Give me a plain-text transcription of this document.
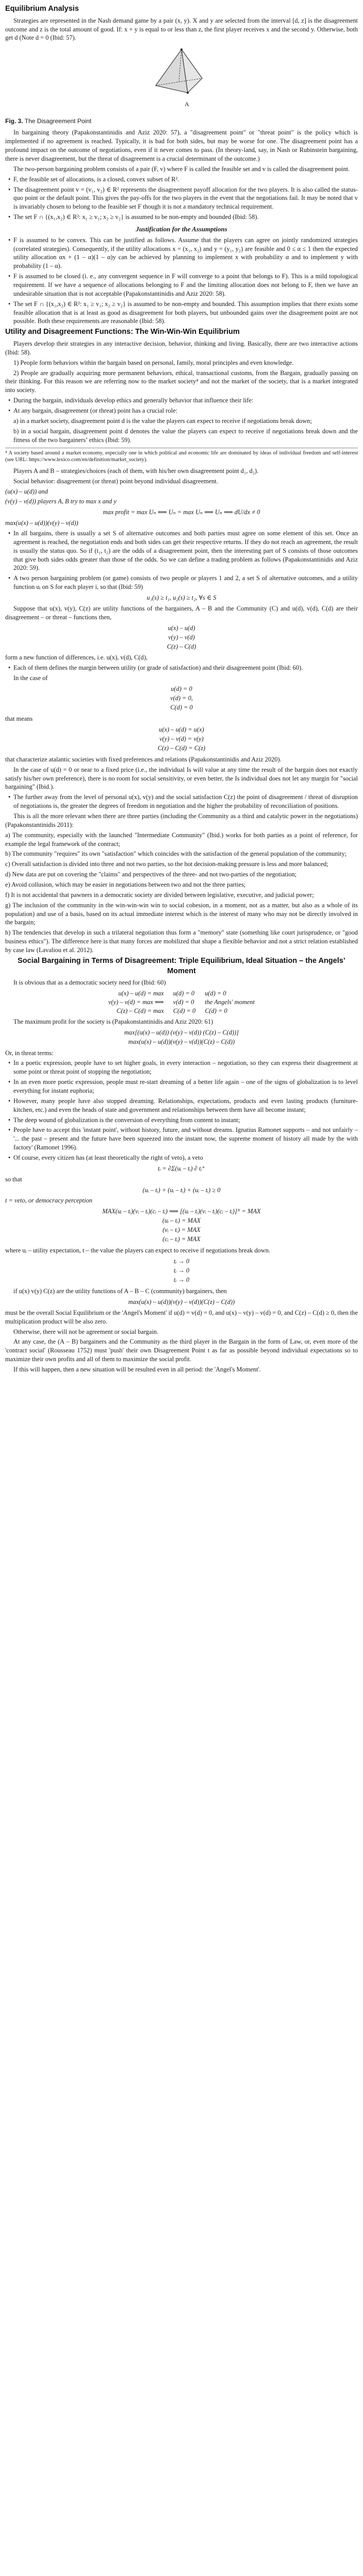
Equilibrium Analysis

Strategies are represented in the Nash demand game by a pair (x, y). X and y are selected from the interval [d, z] is the disagreement outcome and z is the total amount of good. If: x + y is equal to or less than z, the first player receives x and the second y. Otherwise, both get d (Note d = 0 (Ibid: 57).

A

Fig. 3. The Disagreement Point

In bargaining theory (Papakonstantinidis and Aziz 2020: 57), a "disagreement point" or "threat point" is the policy which is implemented if no agreement is reached. Typically, it is bad for both sides, but may be worse for one. The disagreement point has a profound impact on the outcome of negotiations, even if it never comes to pass. (In theory-land, say, in Nash or Rubinstein bargaining, there is never disagreement, but the threat of disagreement is a crucial determinant of the outcome.)

The two-person bargaining problem consists of a pair (F, v) where F is called the feasible set and v is called the disagreement point.

• F, the feasible set of allocations, is a closed, convex subset of R².
• The disagreement point v = (v₁, v₂) ∈ R² represents the disagreement payoff allocation for the two players. It is also called the status-quo point or the default point. This gives the pay-offs for the two players in the event that the negotiations fail. It may be noted that v is invariably chosen to belong to the feasible set F though it is not a mandatory technical requirement.
• The set F ∩ {(x₁,x₂) ∈ R²: x₁ ≥ v₁; x₂ ≥ v₂} is assumed to be non-empty and bounded (Ibid: 58).
Justification for the Assumptions
• F is assumed to be convex. This can be justified as follows. Assume that the players can agree on jointly randomized strategies (correlated strategies). Consequently, if the utility allocations x = (x₁, x₂) and y = (y₁, y₂) are feasible and 0 ≤ α ≤ 1 then the expected utility allocation αx + (1 – α)(1 – α)y can be achieved by planning to implement x with probability α and to implement y with probability (1 – α).
• F is assumed to be closed (i. e., any convergent sequence in F will converge to a point that belongs to F). This is a mild topological requirement. If we have a sequence of allocations belonging to F and the limiting allocation does not belong to F, then we have an undesirable situation that is not acceptable (Papakonstantinidis and Aziz 2020: 58).
• The set F ∩ {(x₁,x₂) ∈ R²: x₁ ≥ v₁; x₂ ≥ v₂} is assumed to be non-empty and bounded. This assumption implies that there exists some feasible allocation that is at least as good as disagreement for both players, but unbounded gains over the disagreement point are not possible. Both these requirements are reasonable (Ibid: 58).
Utility and Disagreement Functions: The Win-Win-Win Equilibrium

Players develop their strategies in any interactive decision, behavior, thinking and living. Basically, there are two interactive actions (Ibid: 58).

1) People form behaviors within the bargain based on personal, family, moral principles and even knowledge.

2) People are gradually acquiring more permanent behaviors, ethical, transactional customs, from the Bargain, gradually passing on their thinking. For this reason we are referring now to the market society⁴ and not the market of the society, that is a market integrated into society.

• During the bargain, individuals develop ethics and generally behavior that influence their life:
• At any bargain, disagreement (or threat) point has a crucial role:

a) in a market society, disagreement point d is the value the players can expect to receive if negotiations break down;

b) in a social bargain, disagreement point d denotes the value the players can expect to receive if negotiations break down and the fitness of the two bargainers’ ethics (Ibid: 59).

⁴ A society based around a market economy, especially one in which political and economic life are dominated by ideas of individual freedom and self-interest (see URL: https://www.lexico.com/en/definition/market_society).

Players A and B – strategies/choices (each of them, with his/her own disagreement point d₁, d₂).

Social behavior: disagreement (or threat) point beyond individual disagreement.

(u(x) – u(d)) and

(v(y) – v(d)) players A, B try to max x and y

max profit = max Uₙ ⟺ Uₙ = max Uₙ ⟹ Uₙ ⟹ dU/dx ≠ 0

max(u(x) – u(d))(v(y) – v(d))

• In all bargains, there is usually a set S of alternative outcomes and both parties must agree on some element of this set. Once an agreement is reached, the negotiation ends and both sides can get their respective returns. If they do not reach an agreement, the result is usually the status quo. So if (t₁, t₂) are the odds of a disagreement point, then the interesting part of S consists of those outcomes that give both sides odds greater than those of the odds. So we can define a trading problem as follows (Papakonstantinidis and Aziz 2020: 59).
• A two person bargaining problem (or game) consists of two people or players 1 and 2, a set S of alternative outcomes, and a utility function uᵢ on S for each player i, so that (Ibid: 59)
u₁(s) ≥ t₁, u₂(s) ≥ t₂, ∀s ∈ S

Suppose that u(x), v(y), C(z) are utility functions of the bargainers, A – B and the Community (C) and u(d), v(d), C(d) are their disagreement – or threat – functions then,

u(x) – u(d)
v(y) – v(d)
C(z) – C(d)

form a new function of differences, i.e. u(x), v(d), C(d),

• Each of them defines the margin between utility (or grade of satisfaction) and their disagreement point (Ibid: 60).

In the case of

u(d) = 0
v(d) = 0,
C(d) = 0

that means

u(x) – u(d) = u(x)
v(y) – v(d) = v(y)
C(z) – C(d) = C(z)

that characterize atalantic societies with fixed preferences and relations (Papakonstantinidis and Aziz 2020).

In the case of u(d) = 0 or near to a fixed price (i.e., the individual Is will value at any time the result of the bargain does not exactly satisfy his/her own preference), there is no room for social sensitivity, or even better, the Is individual does not let any margin for "social bargaining" (Ibid.).

• The further away from the level of personal u(x), v(y) and the social satisfaction C(z) the point of disagreement / threat of disruption of negotiations is, the greater the degrees of freedom in negotiation and the higher the probability of reconciliation of positions.

This is all the more relevant when there are three parties (including the Community as a third and catalytic power in the negotiations) (Papakonstantinidis 2011):

a) The community, especially with the launched "Intermediate Community" (Ibid.) works for both parties as a point of reference, for example the legal framework of the contract;

b) The community "requires" its own "satisfaction" which coincides with the satisfaction of the general population of the community;

c) Overall satisfaction is divided into three and not two parties, so the hot decision-making pressure is less and more balanced;

d) New data are put on covering the "claims" and perspectives of the three- and not two-parties of the negotiation;

e) Avoid collusion, which may be easier in negotiations between two and not the three parties;

f) It is not accidental that pawners in a democratic society are divided between legislative, executive, and judicial power;

g) The inclusion of the community in the win-win-win win to social cohesion, in a moment, not as a matter, but also as a whole of its population) and use of a basis, based on its actual immediate interest which is the interest of many who may not be directly involved in the bargain;

h) The tendencies that develop in such a trilateral negotiation thus form a "memory" state (something like court jurisprudence, or "good business ethics"). The difference here is that many forces are mobilized that shape a flexible behavior and not a strict relation established by case law (Lavaliou et al. 2012).

Social Bargaining in Terms of Disagreement: Triple Equilibrium, Ideal Situation – the Angels’ Moment

It is obvious that as a democratic society need for (Ibid: 60)

u(x) – u(d) = max
v(y) – v(d) = max ⟺
C(z) – C(d) = max
u(d) = 0
v(d) = 0
C(d) = 0
u(d) = 0
the Angels' moment
C(d) = 0

The maximum profit for the society is (Papakonstantinidis and Aziz 2020: 61)

max[(u(x) – u(d)) (v(y) – v(d)) (C(z) – C(d))]
max(u(x) – u(d))(v(y) – v(d))(C(z) – C(d))

Or, in threat terms:

• In a poetic expression, people have to set higher goals, in every interaction – negotiation, so they can express their disagreement at some point or threat point of stopping the negotiation;
• In an even more poetic expression, people must re-start dreaming of a better life again – one of the signs of globalization is to level everything for instant euphoria;
• However, many people have also stopped dreaming. Relationships, expectations, products and even lasting products (furniture-kitchen, etc.) and even the heads of state and government and relationships between them have all become instant;
• The deep wound of globalization is the conversion of everything from content to instant;
• People have to accept this 'instant point', without history, future, and without dreams. Ignatius Ramonet supports – and not unfairly – '... the past – present and the future have been squeezed into the instant now, the supreme moment of history all made by the with factory' (Ramonet 1996).
• Of course, every citizen has (at least theoretically the right of veto), a veto
tᵢ = ∂Σ(uᵢ – tᵢ) ∂ tᵢ⁺

so that

(uᵢ – tᵢ) + (uᵢ – tᵢ) + (uᵢ – tᵢ) ≥ 0

t = veto, or democracy perception

MAX(uᵢ – tᵢ)(vᵢ – tᵢ)(cᵢ – tᵢ) ⟹ [(uᵢ – tᵢ)(vᵢ – tᵢ)(cᵢ – tᵢ)]ᴺ = MAX
(uᵢ – tᵢ) = MAX
(vᵢ – tᵢ) = MAX
(cᵢ – tᵢ) = MAX

where uᵢ – utility expectation, t – the value the players can expect to receive if negotiations break down.

tᵢ → 0
tᵢ → 0
tᵢ → 0

if u(x) v(y) C(z) are the utility functions of A – B – C (community) bargainers, then

max(u(x) – u(d))(v(y) – v(d))(C(z) – C(d))

must be the overall Social Equilibrium or the 'Angel's Moment' if u(d) = v(d) = 0, and u(x) – v(y) – v(d) = 0, and C(z) – C(d) ≥ 0, then the multiplication product will be also zero.

Otherwise, there will not be agreement or social bargain.

At any case, the (A – B) bargainers and the Community as the third player in the Bargain in the form of Law, or, even more of the 'contract social' (Rousseau 1752) must 'push' their own Disagreement Point t as far as possible beyond individual expectations so to maximize their own profits and all of them to maximize the social profit.

If this will happen, then a new situation will be resulted even in all period: the 'Angel's Moment'.
